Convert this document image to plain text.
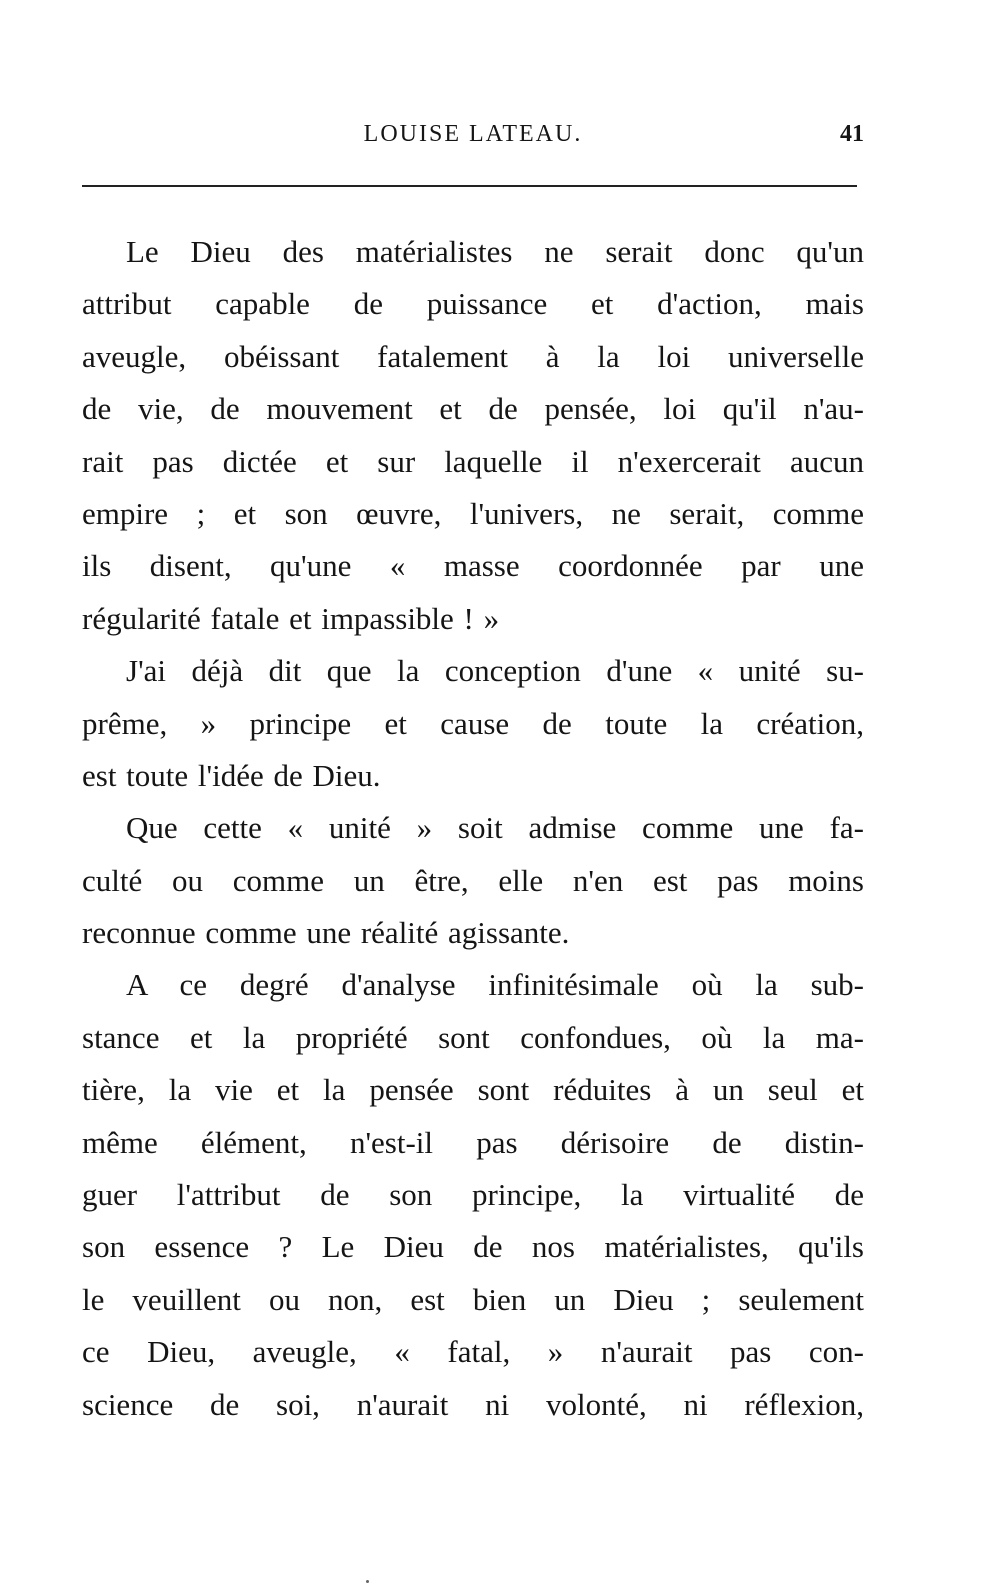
LOUISE LATEAU.	41
Le Dieu des matérialistes ne serait donc qu'un
attribut capable de puissance et d'action, mais
aveugle, obéissant fatalement à la loi universelle
de vie, de mouvement et de pensée, loi qu'il n'au-
rait pas dictée et sur laquelle il n'exercerait aucun
empire ; et son œuvre, l'univers, ne serait, comme
ils disent, qu'une « masse coordonnée par une
régularité fatale et impassible ! »
J'ai déjà dit que la conception d'une « unité su-
prême, » principe et cause de toute la création,
est toute l'idée de Dieu.
Que cette « unité » soit admise comme une fa-
culté ou comme un être, elle n'en est pas moins
reconnue comme une réalité agissante.
A ce degré d'analyse infinitésimale où la sub-
stance et la propriété sont confondues, où la ma-
tière, la vie et la pensée sont réduites à un seul et
même élément, n'est-il pas dérisoire de distin-
guer l'attribut de son principe, la virtualité de
son essence ? Le Dieu de nos matérialistes, qu'ils
le veuillent ou non, est bien un Dieu ; seulement
ce Dieu, aveugle, « fatal, » n'aurait pas con-
science de soi, n'aurait ni volonté, ni réflexion,
